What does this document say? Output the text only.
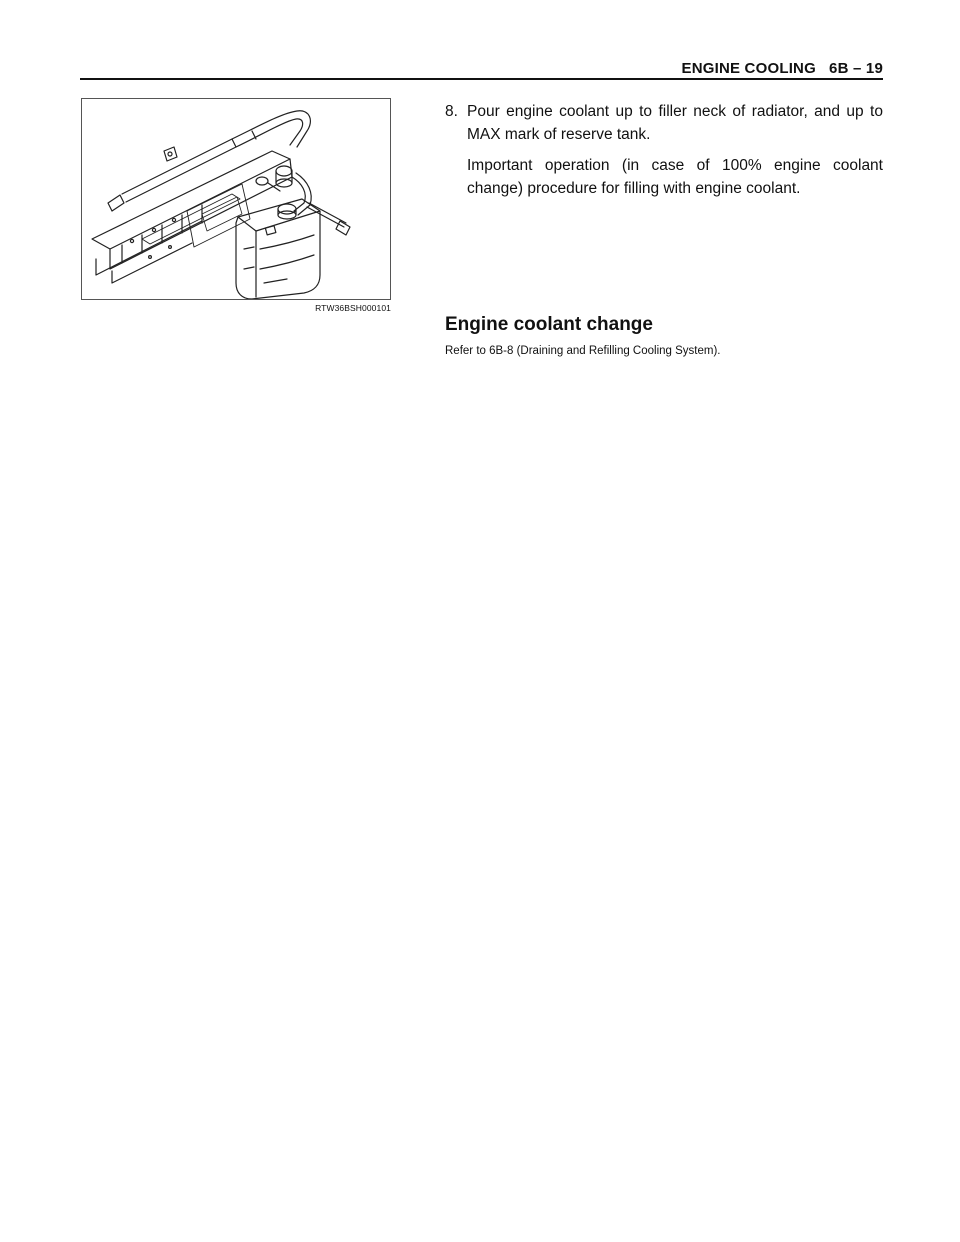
ENGINE COOLING   6B – 19
RTW36BSH000101
8. Pour engine coolant up to filler neck of radiator, and up to MAX mark of reserve tank.
Important operation (in case of 100% engine coolant change) procedure for filling with engine coolant.
Engine coolant change
Refer to 6B-8 (Draining and Refilling Cooling System).
